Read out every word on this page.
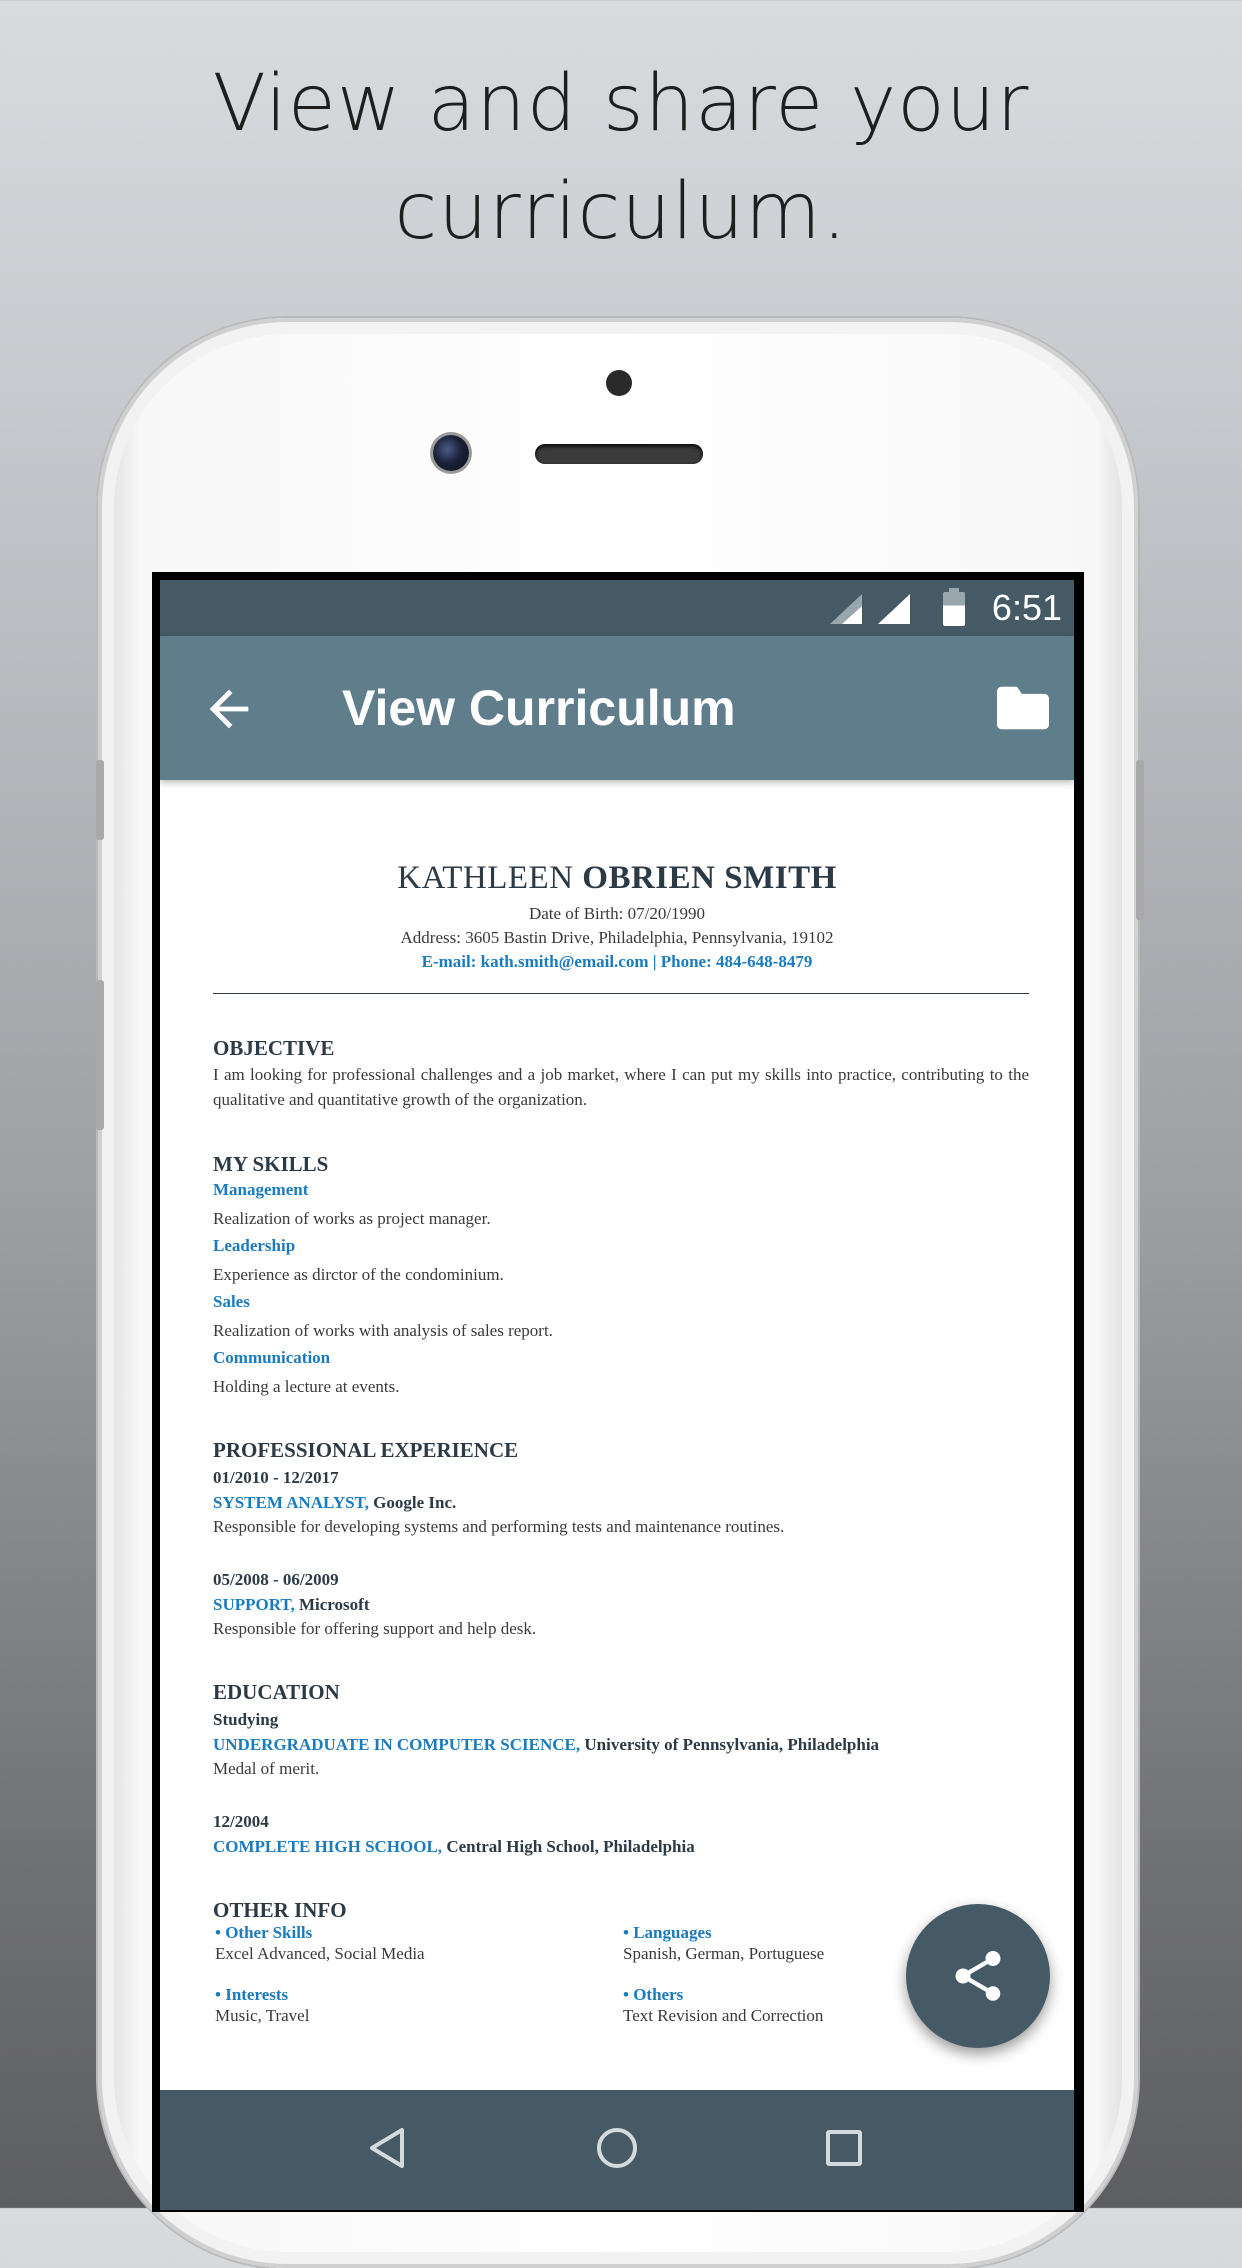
View and share your
curriculum.
6:51
View Curriculum
KATHLEEN OBRIEN SMITH
Date of Birth: 07/20/1990
Address: 3605 Bastin Drive, Philadelphia, Pennsylvania, 19102
E-mail: kath.smith@email.com | Phone: 484-648-8479
OBJECTIVE
I am looking for professional challenges and a job market, where I can put my skills into practice, contributing to the qualitative and quantitative growth of the organization.
MY SKILLS
Management
Realization of works as project manager.
Leadership
Experience as dirctor of the condominium.
Sales
Realization of works with analysis of sales report.
Communication
Holding a lecture at events.
PROFESSIONAL EXPERIENCE
01/2010 - 12/2017
SYSTEM ANALYST, Google Inc.
Responsible for developing systems and performing tests and maintenance routines.
05/2008 - 06/2009
SUPPORT, Microsoft
Responsible for offering support and help desk.
EDUCATION
Studying
UNDERGRADUATE IN COMPUTER SCIENCE, University of Pennsylvania, Philadelphia
Medal of merit.
12/2004
COMPLETE HIGH SCHOOL, Central High School, Philadelphia
OTHER INFO
• Other Skills
Excel Advanced, Social Media
• Languages
Spanish, German, Portuguese
• Interests
Music, Travel
• Others
Text Revision and Correction
